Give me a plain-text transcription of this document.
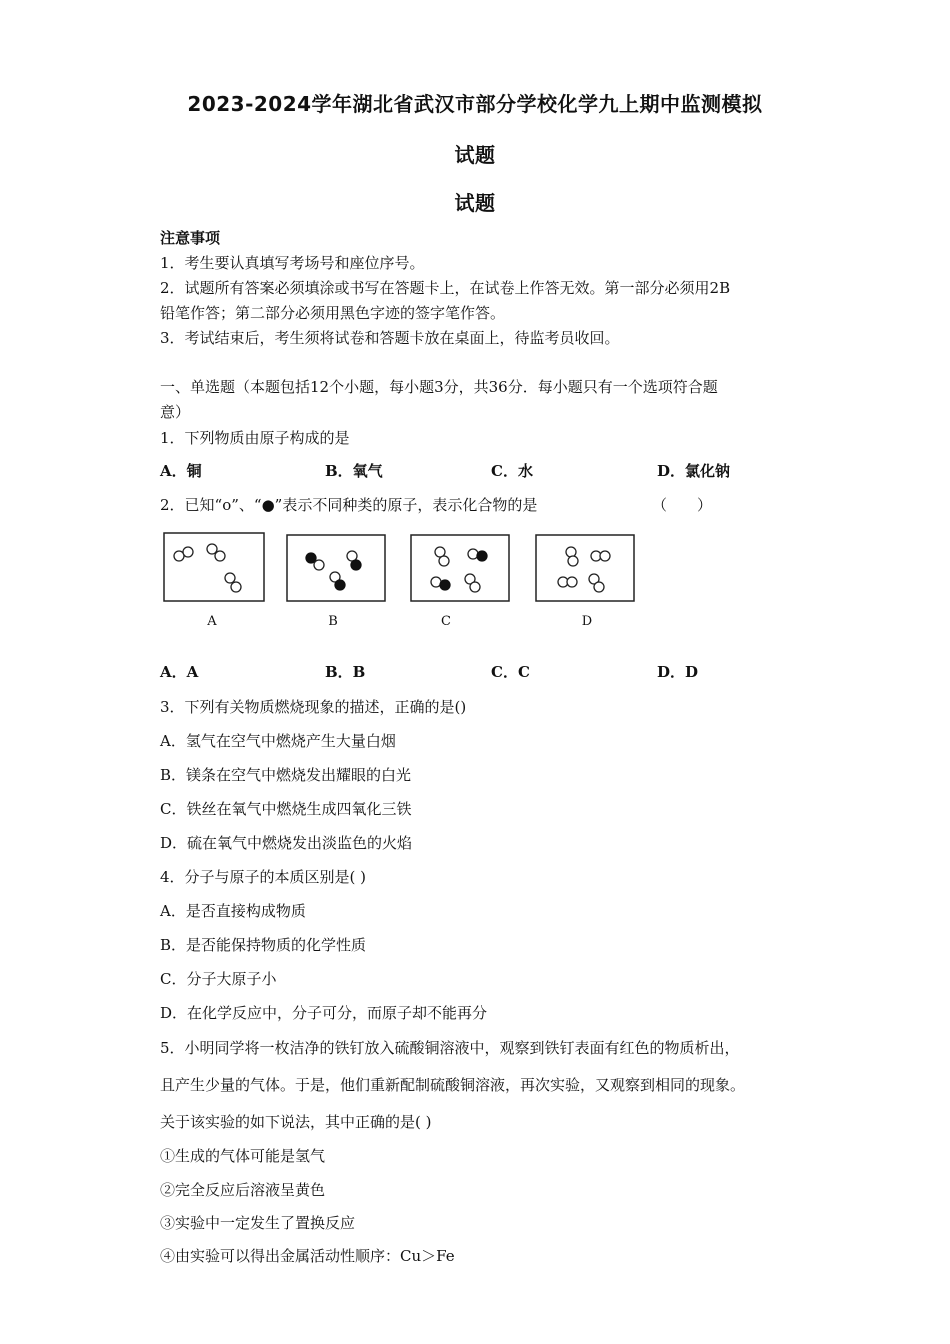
2023-2024学年湖北省武汉市部分学校化学九上期中监测模拟
试题
试题
注意事项
1．考生要认真填写考场号和座位序号。
2．试题所有答案必须填涂或书写在答题卡上，在试卷上作答无效。第一部分必须用2B
铅笔作答；第二部分必须用黑色字迹的签字笔作答。
3．考试结束后，考生须将试卷和答题卡放在桌面上，待监考员收回。
一、单选题（本题包括12个小题，每小题3分，共36分．每小题只有一个选项符合题
意）
1．下列物质由原子构成的是
A．铜	B．氧气	C．水	D．氯化钠
2．已知“o”、“●”表示不同种类的原子，表示化合物的是	（　　）
A	B	C	D
A．A	B．B	C．C	D．D
3．下列有关物质燃烧现象的描述，正确的是()
A．氢气在空气中燃烧产生大量白烟
B．镁条在空气中燃烧发出耀眼的白光
C．铁丝在氧气中燃烧生成四氧化三铁
D．硫在氧气中燃烧发出淡监色的火焰
4．分子与原子的本质区别是( )
A．是否直接构成物质
B．是否能保持物质的化学性质
C．分子大原子小
D．在化学反应中，分子可分，而原子却不能再分
5．小明同学将一枚洁净的铁钉放入硫酸铜溶液中，观察到铁钉表面有红色的物质析出，
且产生少量的气体。于是，他们重新配制硫酸铜溶液，再次实验，又观察到相同的现象。
关于该实验的如下说法，其中正确的是( )
①生成的气体可能是氢气
②完全反应后溶液呈黄色
③实验中一定发生了置换反应
④由实验可以得出金属活动性顺序：Cu＞Fe
